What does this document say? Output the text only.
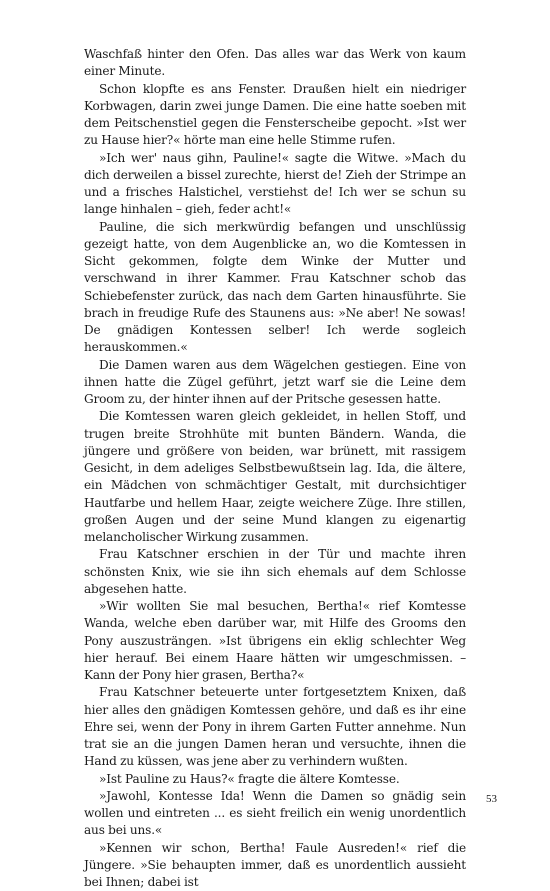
Waschfaß hinter den Ofen. Das alles war das Werk von kaum einer Minute.

Schon klopfte es ans Fenster. Draußen hielt ein niedriger Korbwagen, darin zwei junge Damen. Die eine hatte soeben mit dem Peitschenstiel gegen die Fensterscheibe gepocht. »Ist wer zu Hause hier?« hörte man eine helle Stimme rufen.

»Ich wer' naus gihn, Pauline!« sagte die Witwe. »Mach du dich derweilen a bissel zurechte, hierst de! Zieh der Strimpe an und a frisches Halstichel, verstiehst de! Ich wer se schun su lange hinhalen – gieh, feder acht!«

Pauline, die sich merkwürdig befangen und unschlüssig gezeigt hatte, von dem Augenblicke an, wo die Komtessen in Sicht gekommen, folgte dem Winke der Mutter und verschwand in ihrer Kammer. Frau Katschner schob das Schiebefenster zurück, das nach dem Garten hinausführte. Sie brach in freudige Rufe des Staunens aus: »Ne aber! Ne sowas! De gnädigen Kontessen selber! Ich werde sogleich herauskommen.«

Die Damen waren aus dem Wägelchen gestiegen. Eine von ihnen hatte die Zügel geführt, jetzt warf sie die Leine dem Groom zu, der hinter ihnen auf der Pritsche gesessen hatte.

Die Komtessen waren gleich gekleidet, in hellen Stoff, und trugen breite Strohhüte mit bunten Bändern. Wanda, die jüngere und größere von beiden, war brünett, mit rassigem Gesicht, in dem adeliges Selbstbewußtsein lag. Ida, die ältere, ein Mädchen von schmächtiger Gestalt, mit durchsichtiger Hautfarbe und hellem Haar, zeigte weichere Züge. Ihre stillen, großen Augen und der seine Mund klangen zu eigenartig melancholischer Wirkung zusammen.

Frau Katschner erschien in der Tür und machte ihren schönsten Knix, wie sie ihn sich ehemals auf dem Schlosse abgesehen hatte.

»Wir wollten Sie mal besuchen, Bertha!« rief Komtesse Wanda, welche eben darüber war, mit Hilfe des Grooms den Pony auszusträngen. »Ist übrigens ein eklig schlechter Weg hier herauf. Bei einem Haare hätten wir umgeschmissen. – Kann der Pony hier grasen, Bertha?«

Frau Katschner beteuerte unter fortgesetztem Knixen, daß hier alles den gnädigen Komtessen gehöre, und daß es ihr eine Ehre sei, wenn der Pony in ihrem Garten Futter annehme. Nun trat sie an die jungen Damen heran und versuchte, ihnen die Hand zu küssen, was jene aber zu verhindern wußten.

»Ist Pauline zu Haus?« fragte die ältere Komtesse.

»Jawohl, Kontesse Ida! Wenn die Damen so gnädig sein wollen und eintreten ... es sieht freilich ein wenig unordentlich aus bei uns.«

»Kennen wir schon, Bertha! Faule Ausreden!« rief die Jüngere. »Sie behaupten immer, daß es unordentlich aussieht bei Ihnen; dabei ist

53
